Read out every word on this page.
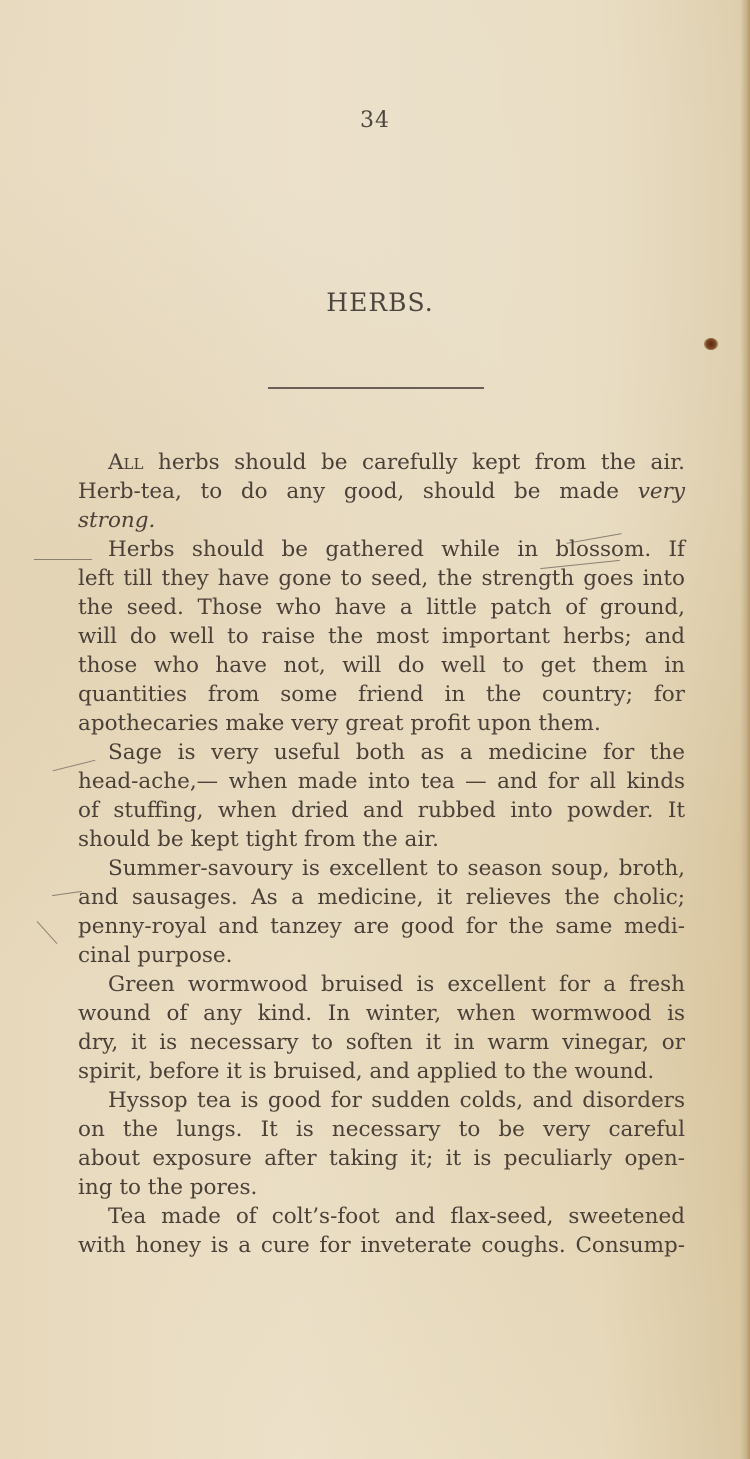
34
HERBS.
All herbs should be carefully kept from the air.
Herb-tea, to do any good, should be made very
strong.
Herbs should be gathered while in blossom. If
left till they have gone to seed, the strength goes into
the seed. Those who have a little patch of ground,
will do well to raise the most important herbs; and
those who have not, will do well to get them in
quantities from some friend in the country; for
apothecaries make very great profit upon them.
Sage is very useful both as a medicine for the
head-ache,— when made into tea — and for all kinds
of stuffing, when dried and rubbed into powder. It
should be kept tight from the air.
Summer-savoury is excellent to season soup, broth,
and sausages. As a medicine, it relieves the cholic;
penny-royal and tanzey are good for the same medi-
cinal purpose.
Green wormwood bruised is excellent for a fresh
wound of any kind. In winter, when wormwood is
dry, it is necessary to soften it in warm vinegar, or
spirit, before it is bruised, and applied to the wound.
Hyssop tea is good for sudden colds, and disorders
on the lungs. It is necessary to be very careful
about exposure after taking it; it is peculiarly open-
ing to the pores.
Tea made of colt’s-foot and flax-seed, sweetened
with honey is a cure for inveterate coughs. Consump-
